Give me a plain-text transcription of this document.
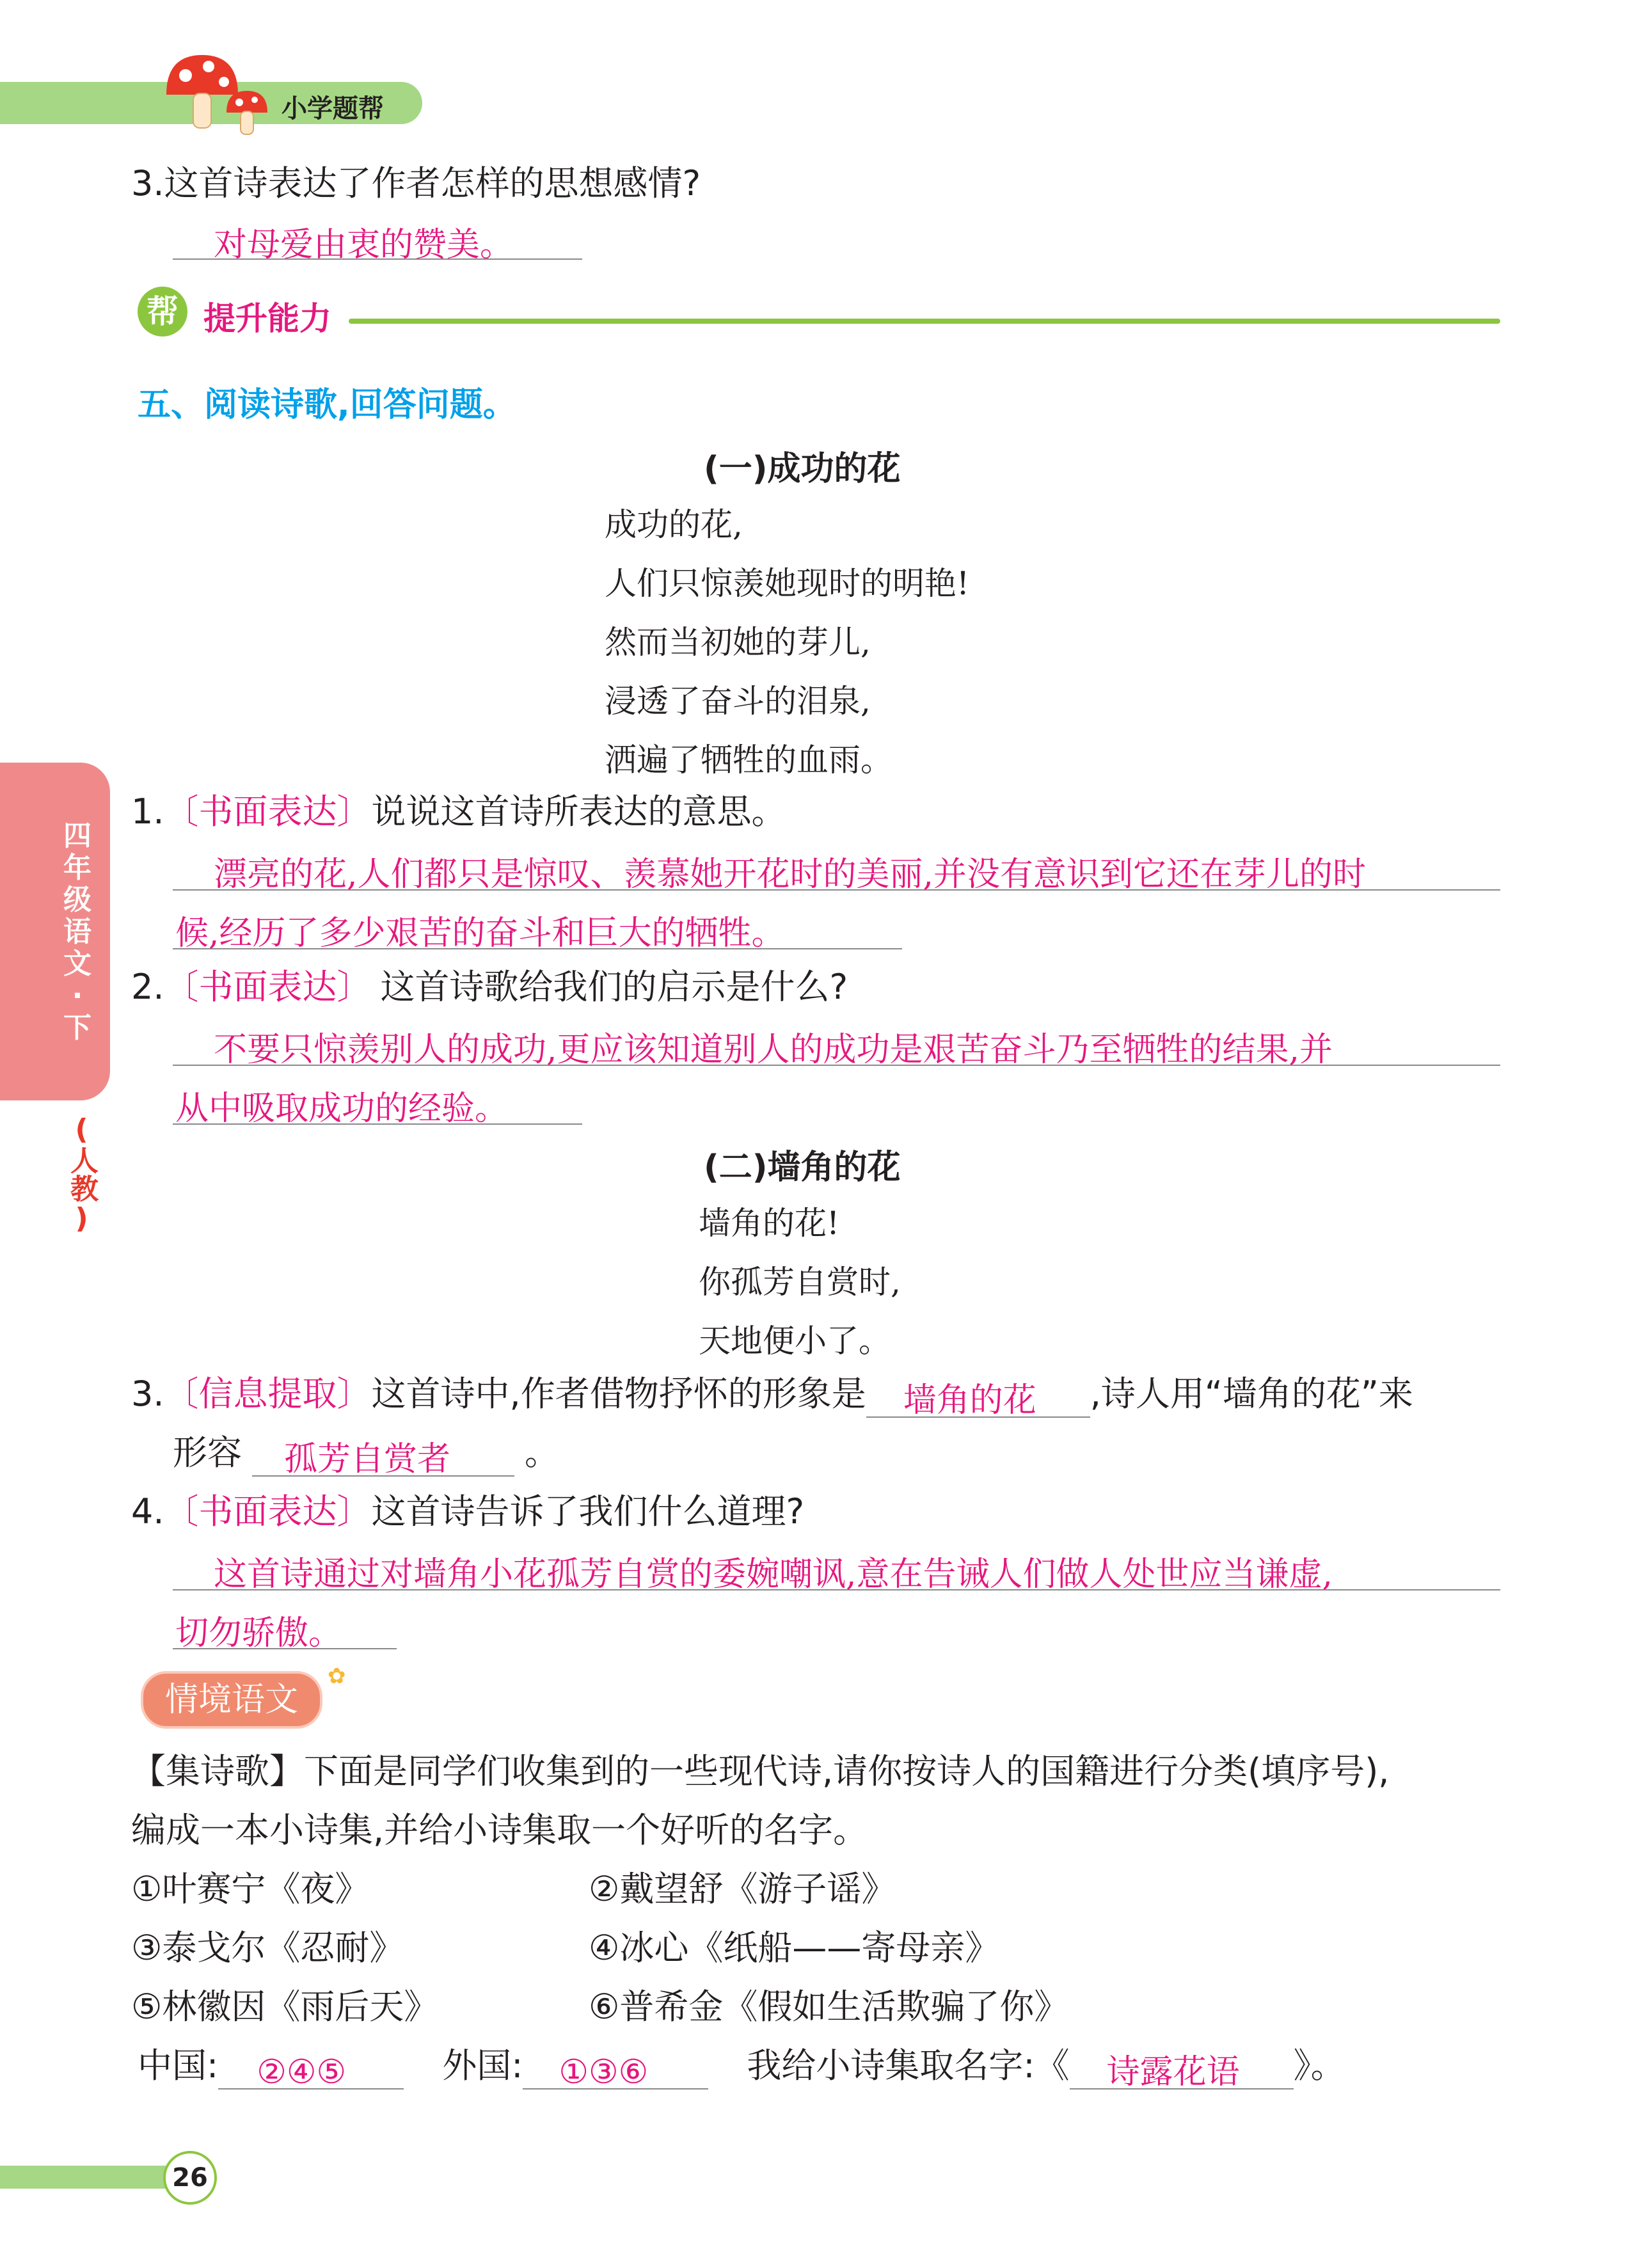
小学题帮
3.这首诗表达了作者怎样的思想感情?
对母爱由衷的赞美。
帮 提升能力
五、阅读诗歌,回答问题。
(一)成功的花
成功的花,
人们只惊羡她现时的明艳!
然而当初她的芽儿,
浸透了奋斗的泪泉,
洒遍了牺牲的血雨。
1.〔书面表达〕说说这首诗所表达的意思。
漂亮的花,人们都只是惊叹、羡慕她开花时的美丽,并没有意识到它还在芽儿的时
候,经历了多少艰苦的奋斗和巨大的牺牲。
2.〔书面表达〕 这首诗歌给我们的启示是什么?
不要只惊羡别人的成功,更应该知道别人的成功是艰苦奋斗乃至牺牲的结果,并
从中吸取成功的经验。
(二)墙角的花
墙角的花!
你孤芳自赏时,
天地便小了。
3.〔信息提取〕这首诗中,作者借物抒怀的形象是 墙角的花 ,诗人用“墙角的花”来
形容 孤芳自赏者 。
4.〔书面表达〕这首诗告诉了我们什么道理?
这首诗通过对墙角小花孤芳自赏的委婉嘲讽,意在告诫人们做人处世应当谦虚,
切勿骄傲。
情境语文
✿
【集诗歌】下面是同学们收集到的一些现代诗,请你按诗人的国籍进行分类(填序号),
编成一本小诗集,并给小诗集取一个好听的名字。
①叶赛宁《夜》	②戴望舒《游子谣》
③泰戈尔《忍耐》	④冰心《纸船——寄母亲》
⑤林徽因《雨后天》	⑥普希金《假如生活欺骗了你》
中国: ②④⑤	外国: ①③⑥	我给小诗集取名字:《 诗露花语 》。
四
年
级
语
文
·
下
(人教)
26
